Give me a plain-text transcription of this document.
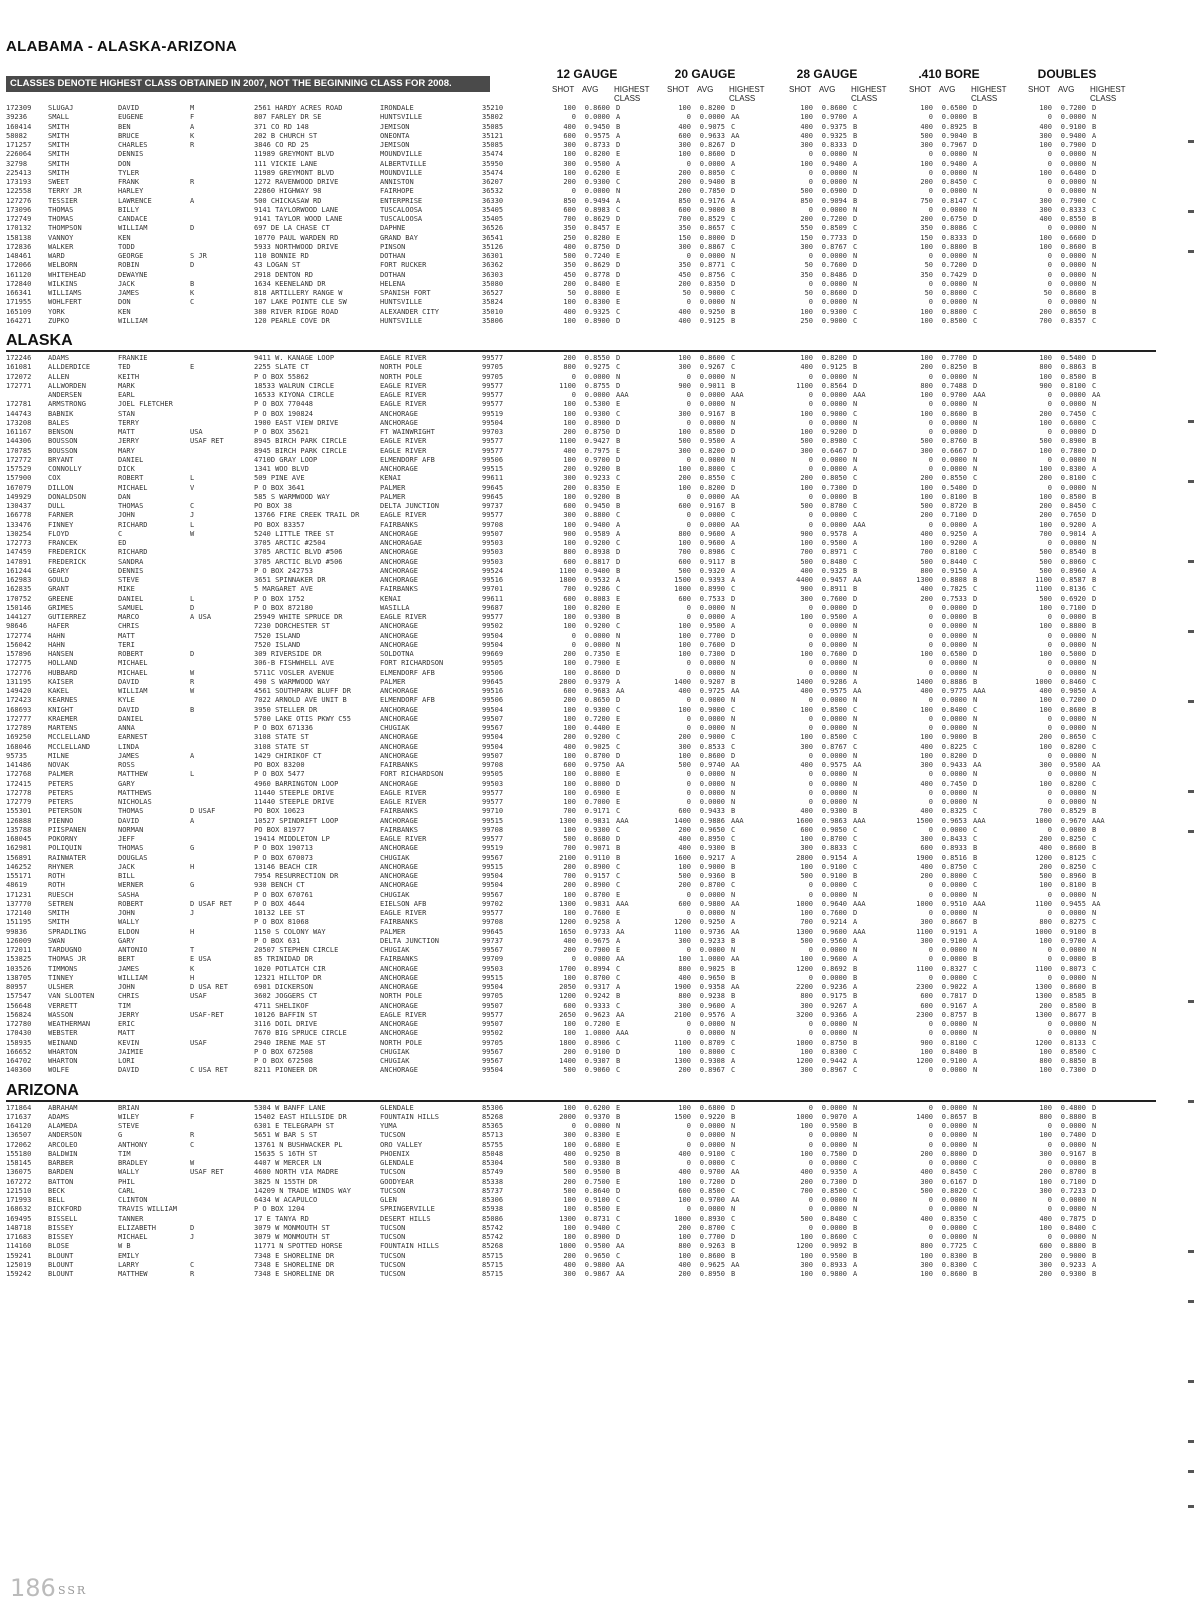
ALABAMA - ALASKA-ARIZONA
CLASSES DENOTE HIGHEST CLASS OBTAINED IN 2007, NOT THE BEGINNING CLASS FOR 2008.
12 GAUGE	20 GAUGE	28 GAUGE	.410 BORE	DOUBLES
SHOT AVG	HIGHEST CLASS
SHOT AVG	HIGHEST CLASS
SHOT AVG	HIGHEST CLASS
SHOT AVG	HIGHEST CLASS
SHOT AVG	HIGHEST CLASS
172309	SLUGAJ	DAVID	M	2561 HARDY ACRES ROAD	IRONDALE	35210	100	0.8600 D	100	0.8200 D	100	0.8600 C	100	0.6500 D	100	0.7200 D
39236	SMALL	EUGENE	F	807 FARLEY DR SE	HUNTSVILLE	35802	0	0.0000 A	0	0.0000 AA	100	0.9700 A	0	0.0000 B	0	0.0000 N
160414	SMITH	BEN	A	371 CO RD 148	JEMISON	35085	400	0.9450 B	400	0.9075 C	400	0.9375 B	400	0.8925 B	400	0.9100 B
58082	SMITH	BRUCE	K	202 B CHURCH ST	ONEONTA	35121	600	0.9575 A	600	0.9633 AA	400	0.9325 B	500	0.9040 B	300	0.9400 A
171257	SMITH	CHARLES	R	3846 CO RD 25	JEMISON	35085	300	0.8733 D	300	0.8267 D	300	0.8333 D	300	0.7967 D	100	0.7900 D
226064	SMITH	DENNIS	11989 GREYMONT BLVD	MOUNDVILLE	35474	100	0.8200 E	100	0.8600 D	0	0.0000 N	0	0.0000 N	0	0.0000 N
32798	SMITH	DON	111 VICKIE LANE	ALBERTVILLE	35950	300	0.9500 A	0	0.0000 A	100	0.9400 A	100	0.9400 A	0	0.0000 N
225413	SMITH	TYLER	11989 GREYMONT BLVD	MOUNDVILLE	35474	100	0.6200 E	200	0.8050 C	0	0.0000 N	0	0.0000 N	100	0.6400 D
173193	SWEET	FRANK	R	1272 RAVENWOOD DRIVE	ANNISTON	36207	200	0.9300 C	200	0.9400 B	0	0.0000 N	200	0.8450 C	0	0.0000 N
122558	TERRY JR	HARLEY	22860 HIGHWAY 98	FAIRHOPE	36532	0	0.0000 N	200	0.7850 D	500	0.6900 D	0	0.0000 N	0	0.0000 N
127276	TESSIER	LAWRENCE	A	500 CHICKASAW RD	ENTERPRISE	36330	850	0.9494 A	850	0.9176 A	850	0.9094 B	750	0.8147 C	300	0.7900 C
173096	THOMAS	BILLY	9141 TAYLORWOOD LANE	TUSCALOOSA	35405	600	0.8983 C	600	0.9000 B	0	0.0000 N	0	0.0000 N	300	0.8333 C
172749	THOMAS	CANDACE	9141 TAYLOR WOOD LANE	TUSCALOOSA	35405	700	0.8629 D	700	0.8529 C	200	0.7200 D	200	0.6750 D	400	0.8550 B
170132	THOMPSON	WILLIAM	D	697 DE LA CHASE CT	DAPHNE	36526	350	0.8457 E	350	0.8657 C	550	0.8509 C	350	0.8086 C	0	0.0000 N
158138	VANNOY	KEN	10770 PAUL WARDEN RD	GRAND BAY	36541	250	0.8280 E	150	0.8000 D	150	0.7733 D	150	0.8333 D	100	0.6600 D
172836	WALKER	TODD	5933 NORTHWOOD DRIVE	PINSON	35126	400	0.8750 D	300	0.8867 C	300	0.8767 C	100	0.8800 B	100	0.8600 B
148461	WARD	GEORGE	S JR	110 BONNIE RD	DOTHAN	36301	500	0.7240 E	0	0.0000 N	0	0.0000 N	0	0.0000 N	0	0.0000 N
172066	WELBORN	ROBIN	D	43 LOGAN ST	FORT RUCKER	36362	350	0.8629 D	350	0.8771 C	50	0.7600 D	50	0.7200 D	0	0.0000 N
161120	WHITEHEAD	DEWAYNE	2918 DENTON RD	DOTHAN	36303	450	0.8778 D	450	0.8756 C	350	0.8486 D	350	0.7429 D	0	0.0000 N
172840	WILKINS	JACK	B	1634 KEENELAND DR	HELENA	35080	200	0.8400 E	200	0.8350 D	0	0.0000 N	0	0.0000 N	0	0.0000 N
166341	WILLIAMS	JAMES	K	818 ARTILLERY RANGE W	SPANISH FORT	36527	50	0.8000 E	50	0.9000 C	50	0.8600 D	50	0.8000 C	50	0.8600 B
171955	WOHLFERT	DON	C	107 LAKE POINTE CLE SW	HUNTSVILLE	35824	100	0.8300 E	0	0.0000 N	0	0.0000 N	0	0.0000 N	0	0.0000 N
165109	YORK	KEN	380 RIVER RIDGE ROAD	ALEXANDER CITY	35010	400	0.9325 C	400	0.9250 B	100	0.9300 C	100	0.8800 C	200	0.8650 B
164271	ZUPKO	WILLIAM	120 PEARLE COVE DR	HUNTSVILLE	35806	100	0.8900 D	400	0.9125 B	250	0.9000 C	100	0.8500 C	700	0.8357 C
ALASKA
172246	ADAMS	FRANKIE	9411 W. KANAGE LOOP	EAGLE RIVER	99577	200	0.8550 D	100	0.8600 C	100	0.8200 D	100	0.7700 D	100	0.5400 D
161081	ALLDERDICE	TED	E	2255 SLATE CT	NORTH POLE	99705	800	0.9275 C	300	0.9267 C	400	0.9125 B	200	0.8250 B	800	0.8863 B
172072	ALLEN	KEITH	P O BOX 55862	NORTH POLE	99705	0	0.0000 N	0	0.0000 N	0	0.0000 N	0	0.0000 N	100	0.8500 B
172771	ALLWORDEN	MARK	18533 WALRUN CIRCLE	EAGLE RIVER	99577	1100	0.8755 D	900	0.9011 B	1100	0.8564 D	800	0.7488 D	900	0.8100 C
ANDERSEN	EARL	16533 KIYONA CIRCLE	EAGLE RIVER	99577	0	0.0000 AAA	0	0.0000 AAA	0	0.0000 AAA	100	0.9700 AAA	0	0.0000 AA
172781	ARMSTRONG	JOEL FLETCHER	P O BOX 770448	EAGLE RIVER	99577	100	0.5300 E	0	0.0000 N	0	0.0000 N	0	0.0000 N	0	0.0000 N
144743	BABNIK	STAN	P O BOX 190824	ANCHORAGE	99519	100	0.9300 C	300	0.9167 B	100	0.9000 C	100	0.8600 B	200	0.7450 C
173208	BALES	TERRY	1900 EAST VIEW DRIVE	ANCHORAGE	99504	100	0.8900 D	0	0.0000 N	0	0.0000 N	0	0.0000 N	100	0.6000 C
161167	BENSON	MATT	USA	P O BOX 35621	FT WAINWRIGHT	99703	200	0.8750 D	100	0.8500 D	100	0.9200 D	0	0.0000 D	0	0.0000 D
144306	BOUSSON	JERRY	USAF RET	8945 BIRCH PARK CIRCLE	EAGLE RIVER	99577	1100	0.9427 B	500	0.9500 A	500	0.8980 C	500	0.8760 B	500	0.8900 B
170785	BOUSSON	MARY	8945 BIRCH PARK CIRCLE	EAGLE RIVER	99577	400	0.7975 E	300	0.8200 D	300	0.6467 D	300	0.6667 D	100	0.7800 D
172772	BRYANT	DANIEL	4710D GRAY LOOP	ELMENDORF AFB	99506	100	0.9700 D	0	0.0000 N	0	0.0000 N	0	0.0000 N	0	0.0000 N
157529	CONNOLLY	DICK	1341 WOO BLVD	ANCHORAGE	99515	200	0.9200 B	100	0.8000 C	0	0.0000 A	0	0.0000 N	100	0.8300 A
157900	COX	ROBERT	L	509 PINE AVE	KENAI	99611	300	0.9233 C	200	0.8550 C	200	0.8050 C	200	0.8550 C	200	0.8100 C
167079	DILLON	MICHAEL	V	P O BOX 3641	PALMER	99645	200	0.8350 E	100	0.8200 D	100	0.7300 D	100	0.5400 D	0	0.0000 N
149929	DONALDSON	DAN	585 S WARMWOOD WAY	PALMER	99645	100	0.9200 B	0	0.0000 AA	0	0.0000 B	100	0.8100 B	100	0.8500 B
130437	DULL	THOMAS	C	PO BOX 38	DELTA JUNCTION	99737	600	0.9450 B	600	0.9167 B	500	0.8780 C	500	0.8720 B	200	0.8450 C
166778	FARNER	JOHN	J	13766 FIRE CREEK TRAIL DR	EAGLE RIVER	99577	300	0.8800 C	0	0.0000 C	0	0.0000 C	200	0.7100 D	200	0.7650 D
133476	FINNEY	RICHARD	L	PO BOX 83357	FAIRBANKS	99708	100	0.9400 A	0	0.0000 AA	0	0.0000 AAA	0	0.0000 A	100	0.9200 A
130254	FLOYD	C	W	5240 LITTLE TREE ST	ANCHORAGE	99507	900	0.9589 A	800	0.9600 A	900	0.9578 A	400	0.9250 A	700	0.9014 A
172773	FRANCEK	ED	3705 ARCTIC #2504	ANCHORAGAE	99503	100	0.9200 C	100	0.9600 A	100	0.9500 A	100	0.9200 A	0	0.0000 N
147459	FREDERICK	RICHARD	3705 ARCTIC BLVD #506	ANCHORAGE	99503	800	0.8938 D	700	0.8986 C	700	0.8971 C	700	0.8100 C	500	0.8540 B
147891	FREDERICK	SANDRA	3705 ARCTIC BLVD #506	ANCHORAGE	99503	600	0.8817 D	600	0.9117 B	500	0.8480 C	500	0.8440 C	500	0.8060 C
161244	GEARY	DENNIS	P O BOX 242753	ANCHORAGE	99524	1100	0.9400 B	500	0.9320 A	400	0.9325 B	800	0.9150 A	500	0.8960 A
162983	GOULD	STEVE	3651 SPINNAKER DR	ANCHORAGE	99516	1800	0.9532 A	1500	0.9393 A	4400	0.9457 AA	1300	0.8808 B	1100	0.8587 B
162835	GRANT	MIKE	5 MARGARET AVE	FAIRBANKS	99701	700	0.9286 C	1000	0.8990 C	900	0.8911 B	400	0.7825 C	1100	0.8136 C
170752	GREENE	DANIEL	L	P O BOX 1752	KENAI	99611	600	0.8083 E	600	0.7533 D	300	0.7600 D	200	0.7533 D	500	0.6920 D
150146	GRIMES	SAMUEL	D	P O BOX 872180	WASILLA	99687	100	0.8200 E	0	0.0000 N	0	0.0000 D	0	0.0000 D	100	0.7100 D
144127	GUTIERREZ	MARCO	A USA	25949 WHITE SPRUCE DR	EAGLE RIVER	99577	100	0.9300 B	0	0.0000 A	100	0.9500 A	0	0.0000 B	0	0.0000 B
98646	HAFER	CHRIS	7230 DORCHESTER ST	ANCHORAGE	99502	100	0.9200 C	100	0.9500 A	0	0.0000 N	0	0.0000 N	100	0.8800 B
172774	HAHN	MATT	7520 ISLAND	ANCHORAGE	99504	0	0.0000 N	100	0.7700 D	0	0.0000 N	0	0.0000 N	0	0.0000 N
156042	HAHN	TERI	7520 ISLAND	ANCHORAGE	99504	0	0.0000 N	100	0.7600 D	0	0.0000 N	0	0.0000 N	0	0.0000 N
157896	HANSEN	ROBERT	D	309 RIVERSIDE DR	SOLDOTNA	99669	200	0.7350 E	100	0.7300 D	100	0.7600 D	100	0.6500 D	100	0.5000 D
172775	HOLLAND	MICHAEL	306-B FISHWHELL AVE	FORT RICHARDSON	99505	100	0.7900 E	0	0.0000 N	0	0.0000 N	0	0.0000 N	0	0.0000 N
172776	HUBBARD	MICHAEL	W	5711C VOSLER AVENUE	ELMENDORF AFB	99506	100	0.8600 D	0	0.0000 N	0	0.0000 N	0	0.0000 N	0	0.0000 N
131195	KAISER	DAVID	R	490 S WARMWOOD WAY	PALMER	99645	2800	0.9379 A	1400	0.9207 B	1400	0.9286 A	1400	0.8886 B	1000	0.8460 C
149420	KAKEL	WILLIAM	W	4561 SOUTHPARK BLUFF DR	ANCHORAGE	99516	600	0.9683 AA	400	0.9725 AA	400	0.9575 AA	400	0.9775 AAA	400	0.9050 A
172423	KEARNES	KYLE	7022 ARNOLD AVE UNIT B	ELMENDORF AFB	99506	200	0.8650 D	0	0.0000 N	0	0.0000 N	0	0.0000 N	100	0.7200 D
168693	KNIGHT	DAVID	B	3950 STELLER DR	ANCHORAGE	99504	100	0.9300 C	100	0.9000 C	100	0.8500 C	100	0.8400 C	100	0.8600 B
172777	KRAEMER	DANIEL	5700 LAKE OTIS PKWY C55	ANCHORAGE	99507	100	0.7200 E	0	0.0000 N	0	0.0000 N	0	0.0000 N	0	0.0000 N
172789	MARTENS	ANNA	P O BOX 671336	CHUGIAK	99567	100	0.4400 E	0	0.0000 N	0	0.0000 N	0	0.0000 N	0	0.0000 N
169250	MCCLELLAND	EARNEST	3108 STATE ST	ANCHORAGE	99504	200	0.9200 C	200	0.9000 C	100	0.8500 C	100	0.9000 B	200	0.8650 C
168046	MCCLELLAND	LINDA	3108 STATE ST	ANCHORAGE	99504	400	0.9025 C	300	0.8533 C	300	0.8767 C	400	0.8225 C	100	0.8200 C
95735	MILNE	JAMES	A	1429 CHIRIKOF CT	ANCHORAGE	99507	100	0.8700 D	100	0.8600 D	0	0.0000 N	100	0.8200 D	0	0.0000 N
141486	NOVAK	ROSS	PO BOX 83200	FAIRBANKS	99708	600	0.9750 AA	500	0.9740 AA	400	0.9575 AA	300	0.9433 AA	300	0.9500 AA
172768	PALMER	MATTHEW	L	P O BOX 5477	FORT RICHARDSON	99505	100	0.8000 E	0	0.0000 N	0	0.0000 N	0	0.0000 N	0	0.0000 N
172415	PETERS	GARY	4960 BARRINGTON LOOP	ANCHORAGE	99503	100	0.8000 D	0	0.0000 N	0	0.0000 N	400	0.7450 D	100	0.8200 C
172778	PETERS	MATTHEWS	11440 STEEPLE DRIVE	EAGLE RIVER	99577	100	0.6900 E	0	0.0000 N	0	0.0000 N	0	0.0000 N	0	0.0000 N
172779	PETERS	NICHOLAS	11440 STEEPLE DRIVE	EAGLE RIVER	99577	100	0.7000 E	0	0.0000 N	0	0.0000 N	0	0.0000 N	0	0.0000 N
155301	PETERSON	THOMAS	D USAF	PO BOX 10623	FAIRBANKS	99710	700	0.9171 C	600	0.9433 B	400	0.9300 B	400	0.8325 C	700	0.8529 B
126888	PIENNO	DAVID	A	10527 SPINDRIFT LOOP	ANCHORAGE	99515	1300	0.9831 AAA	1400	0.9886 AAA	1600	0.9863 AAA	1500	0.9653 AAA	1000	0.9670 AAA
135788	PIISPANEN	NORMAN	PO BOX 81977	FAIRBANKS	99708	100	0.9300 C	200	0.9650 C	600	0.9050 C	0	0.0000 C	0	0.0000 B
168045	POKORNY	JEFF	19414 MIDDLETON LP	EAGLE RIVER	99577	500	0.8680 D	400	0.8950 C	100	0.8700 C	300	0.8433 C	200	0.8250 C
162981	POLIQUIN	THOMAS	G	P O BOX 190713	ANCHORAGE	99519	700	0.9071 B	400	0.9300 B	300	0.8833 C	600	0.8933 B	400	0.8600 B
156891	RAINWATER	DOUGLAS	P O BOX 670073	CHUGIAK	99567	2100	0.9110 B	1600	0.9217 A	2800	0.9154 A	1900	0.8516 B	1200	0.8125 C
146252	RHYNER	JACK	H	13146 BEACH CIR	ANCHORAGE	99515	200	0.8900 C	100	0.9000 B	100	0.9100 C	400	0.8750 C	200	0.8250 C
155171	ROTH	BILL	7954 RESURRECTION DR	ANCHORAGE	99504	700	0.9157 C	500	0.9360 B	500	0.9100 B	200	0.8000 C	500	0.8960 B
48619	ROTH	WERNER	G	930 BENCH CT	ANCHORAGE	99504	200	0.8900 C	200	0.8700 C	0	0.0000 C	0	0.0000 C	100	0.8100 B
171231	RUESCH	SASHA	P O BOX 670761	CHUGIAK	99567	100	0.8700 E	0	0.0000 N	0	0.0000 N	0	0.0000 N	0	0.0000 N
137770	SETREN	ROBERT	D USAF RET	P O BOX 4644	EIELSON AFB	99702	1300	0.9831 AAA	600	0.9800 AA	1000	0.9640 AAA	1000	0.9510 AAA	1100	0.9455 AA
172140	SMITH	JOHN	J	10132 LEE ST	EAGLE RIVER	99577	100	0.7600 E	0	0.0000 N	100	0.7600 D	0	0.0000 N	0	0.0000 N
151195	SMITH	WALLY	P O BOX 81068	FAIRBANKS	99708	1200	0.9258 A	1200	0.9250 A	700	0.9214 A	300	0.8667 B	800	0.8275 C
99836	SPRADLING	ELDON	H	1150 S COLONY WAY	PALMER	99645	1650	0.9733 AA	1100	0.9736 AA	1300	0.9600 AAA	1100	0.9191 A	1000	0.9100 B
126009	SWAN	GARY	P O BOX 631	DELTA JUNCTION	99737	400	0.9675 A	300	0.9233 B	500	0.9560 A	300	0.9100 A	100	0.9700 A
172011	TARDUGNO	ANTONIO	T	20507 STEPHEN CIRCLE	CHUGIAK	99567	200	0.7900 E	0	0.0000 N	0	0.0000 N	0	0.0000 N	0	0.0000 N
153825	THOMAS JR	BERT	E USA	85 TRINIDAD DR	FAIRBANKS	99709	0	0.0000 AA	100	1.0000 AA	100	0.9600 A	0	0.0000 B	0	0.0000 B
103526	TIMMONS	JAMES	K	1020 POTLATCH CIR	ANCHORAGE	99503	1700	0.8994 C	800	0.9025 B	1200	0.8692 B	1100	0.8327 C	1100	0.8073 C
138705	TINNEY	WILLIAM	H	12321 HILLTOP DR	ANCHORAGE	99515	100	0.8700 C	400	0.9650 B	0	0.0000 B	0	0.0000 C	0	0.0000 N
80957	ULSHER	JOHN	D USA RET	6901 DICKERSON	ANCHORAGE	99504	2050	0.9317 A	1900	0.9358 AA	2200	0.9236 A	2300	0.9022 A	1300	0.8600 B
157547	VAN SLOOTEN	CHRIS	USAF	3602 JOGGERS CT	NORTH POLE	99705	1200	0.9242 B	800	0.9238 B	800	0.9175 B	600	0.7817 D	1300	0.8585 B
156648	VERRETT	TIM	4711 SHELIKOF	ANCHORAGE	99507	600	0.9333 C	300	0.9600 A	300	0.9267 A	600	0.9167 A	200	0.8500 B
156824	WASSON	JERRY	USAF-RET	10126 BAFFIN ST	EAGLE RIVER	99577	2650	0.9623 AA	2100	0.9576 A	3200	0.9366 A	2300	0.8757 B	1300	0.8677 B
172780	WEATHERMAN	ERIC	3116 DOIL DRIVE	ANCHORAGE	99507	100	0.7200 E	0	0.0000 N	0	0.0000 N	0	0.0000 N	0	0.0000 N
170430	WEBSTER	MATT	7670 BIG SPRUCE CIRCLE	ANCHORAGE	99502	100	1.0000 AAA	0	0.0000 N	0	0.0000 N	0	0.0000 N	0	0.0000 N
158935	WEINAND	KEVIN	USAF	2940 IRENE MAE ST	NORTH POLE	99705	1800	0.8906 C	1100	0.8709 C	1000	0.8750 B	900	0.8100 C	1200	0.8133 C
166652	WHARTON	JAIMIE	P O BOX 672508	CHUGIAK	99567	200	0.9100 D	100	0.8000 C	100	0.8300 C	100	0.8400 B	100	0.8500 C
164702	WHARTON	LORI	P O BOX 672508	CHUGIAK	99567	1400	0.9307 B	1300	0.9308 A	1200	0.9442 A	1200	0.9100 A	800	0.8850 B
140360	WOLFE	DAVID	C USA RET	8211 PIONEER DR	ANCHORAGE	99504	500	0.9060 C	200	0.8967 C	300	0.8967 C	0	0.0000 N	100	0.7300 D
ARIZONA
171864	ABRAHAM	BRIAN	5304 W BANFF LANE	GLENDALE	85306	100	0.6200 E	100	0.6800 D	0	0.0000 N	0	0.0000 N	100	0.4800 D
171637	ADAMS	WILEY	F	15402 EAST HILLSIDE DR	FOUNTAIN HILLS	85268	2000	0.9370 B	1500	0.9220 B	1000	0.9070 A	1400	0.8657 B	800	0.8800 B
164120	ALAMEDA	STEVE	6301 E TELEGRAPH ST	YUMA	85365	0	0.0000 N	0	0.0000 N	100	0.9500 B	0	0.0000 N	0	0.0000 N
136507	ANDERSON	G	R	5651 W BAR S ST	TUCSON	85713	300	0.8300 E	0	0.0000 N	0	0.0000 N	0	0.0000 N	100	0.7400 D
172062	ARCOLEO	ANTHONY	C	13761 N BUSHWACKER PL	ORO VALLEY	85755	100	0.6800 E	0	0.0000 N	0	0.0000 N	0	0.0000 N	0	0.0000 N
155180	BALDWIN	TIM	15635 S 16TH ST	PHOENIX	85048	400	0.9250 B	400	0.9100 C	100	0.7500 D	200	0.8000 D	300	0.9167 B
158145	BARBER	BRADLEY	W	4407 W MERCER LN	GLENDALE	85304	500	0.9380 B	0	0.0000 C	0	0.0000 C	0	0.0000 C	0	0.0000 B
136075	BARDEN	WALLY	USAF RET	4600 NORTH VIA MADRE	TUCSON	85749	500	0.9500 B	400	0.9700 AA	400	0.9350 A	400	0.8450 C	200	0.8700 B
167272	BATTON	PHIL	3825 N 155TH DR	GOODYEAR	85338	200	0.7500 E	100	0.7200 D	200	0.7300 D	300	0.6167 D	100	0.7100 D
121510	BECK	CARL	14209 N TRADE WINDS WAY	TUCSON	85737	500	0.8640 D	600	0.8500 C	700	0.8500 C	500	0.8020 C	300	0.7233 D
171993	BELL	CLINTON	6434 W ACAPULCO	GLEN	85306	100	0.9100 C	100	0.9700 AA	0	0.0000 N	0	0.0000 N	0	0.0000 N
168632	BICKFORD	TRAVIS WILLIAM	P O BOX 1204	SPRINGERVILLE	85938	100	0.8500 E	0	0.0000 N	0	0.0000 N	0	0.0000 N	0	0.0000 N
169495	BISSELL	TANNER	17 E TANYA RD	DESERT HILLS	85086	1300	0.8731 C	1000	0.8930 C	500	0.8480 C	400	0.8350 C	400	0.7875 D
148718	BISSEY	ELIZABETH	D	3079 W MONMOUTH ST	TUCSON	85742	100	0.9400 C	200	0.8700 C	0	0.0000 B	0	0.0000 C	100	0.8400 C
171683	BISSEY	MICHAEL	J	3079 W MONMOUTH ST	TUCSON	85742	100	0.8900 D	100	0.7700 D	100	0.8600 C	0	0.0000 N	0	0.0000 N
114160	BLOSE	W B	11771 N SPOTTED HORSE	FOUNTAIN HILLS	85268	1000	0.9500 AA	800	0.9263 B	1200	0.9092 B	800	0.7725 C	600	0.8800 B
159241	BLOUNT	EMILY	7348 E SHORELINE DR	TUCSON	85715	200	0.9650 C	100	0.8600 B	100	0.9500 B	100	0.8300 B	200	0.9000 B
125019	BLOUNT	LARRY	C	7348 E SHORELINE DR	TUCSON	85715	400	0.9800 AA	400	0.9625 AA	300	0.8933 A	300	0.8300 C	300	0.9233 A
159242	BLOUNT	MATTHEW	R	7348 E SHORELINE DR	TUCSON	85715	300	0.9867 AA	200	0.8950 B	100	0.9800 A	100	0.8600 B	200	0.9300 B
186 SSR
